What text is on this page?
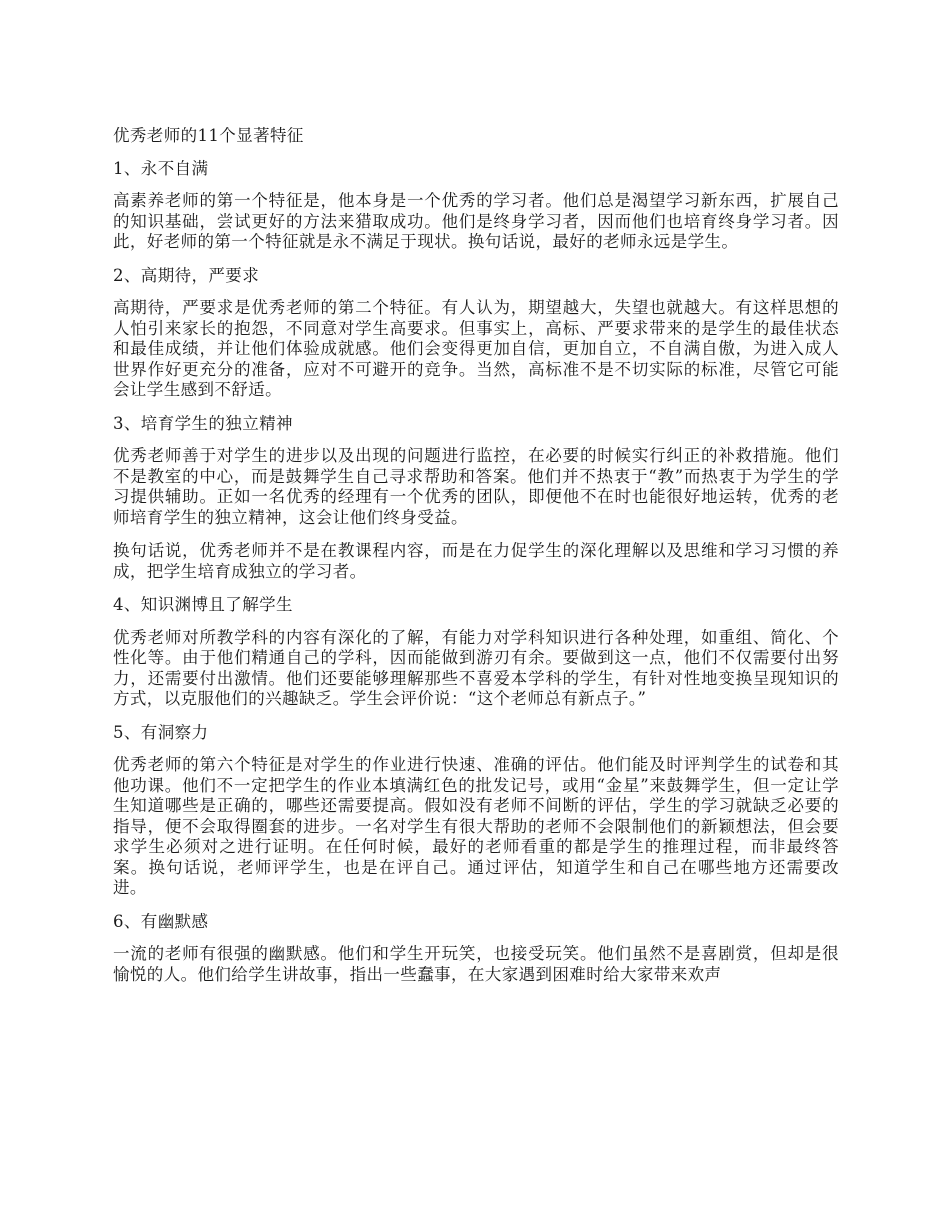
优秀老师的11个显著特征
1、永不自满

高素养老师的第一个特征是，他本身是一个优秀的学习者。他们总是渴望学习新东西，扩展自己的知识基础，尝试更好的方法来猎取成功。他们是终身学习者，因而他们也培育终身学习者。因此，好老师的第一个特征就是永不满足于现状。换句话说，最好的老师永远是学生。

2、高期待，严要求

高期待，严要求是优秀老师的第二个特征。有人认为，期望越大，失望也就越大。有这样思想的人怕引来家长的抱怨，不同意对学生高要求。但事实上，高标、严要求带来的是学生的最佳状态和最佳成绩，并让他们体验成就感。他们会变得更加自信，更加自立，不自满自傲，为进入成人世界作好更充分的准备，应对不可避开的竞争。当然，高标准不是不切实际的标准，尽管它可能会让学生感到不舒适。

3、培育学生的独立精神

优秀老师善于对学生的进步以及出现的问题进行监控，在必要的时候实行纠正的补救措施。他们不是教室的中心，而是鼓舞学生自己寻求帮助和答案。他们并不热衷于“教”而热衷于为学生的学习提供辅助。正如一名优秀的经理有一个优秀的团队，即便他不在时也能很好地运转，优秀的老师培育学生的独立精神，这会让他们终身受益。

换句话说，优秀老师并不是在教课程内容，而是在力促学生的深化理解以及思维和学习习惯的养成，把学生培育成独立的学习者。

4、知识渊博且了解学生

优秀老师对所教学科的内容有深化的了解，有能力对学科知识进行各种处理，如重组、简化、个性化等。由于他们精通自己的学科，因而能做到游刃有余。要做到这一点，他们不仅需要付出努力，还需要付出激情。他们还要能够理解那些不喜爱本学科的学生，有针对性地变换呈现知识的方式，以克服他们的兴趣缺乏。学生会评价说：“这个老师总有新点子。”

5、有洞察力

优秀老师的第六个特征是对学生的作业进行快速、准确的评估。他们能及时评判学生的试卷和其他功课。他们不一定把学生的作业本填满红色的批发记号，或用“金星”来鼓舞学生，但一定让学生知道哪些是正确的，哪些还需要提高。假如没有老师不间断的评估，学生的学习就缺乏必要的指导，便不会取得圈套的进步。一名对学生有很大帮助的老师不会限制他们的新颖想法，但会要求学生必须对之进行证明。在任何时候，最好的老师看重的都是学生的推理过程，而非最终答案。换句话说，老师评学生，也是在评自己。通过评估，知道学生和自己在哪些地方还需要改进。

6、有幽默感

一流的老师有很强的幽默感。他们和学生开玩笑，也接受玩笑。他们虽然不是喜剧赏，但却是很愉悦的人。他们给学生讲故事，指出一些蠢事，在大家遇到困难时给大家带来欢声
